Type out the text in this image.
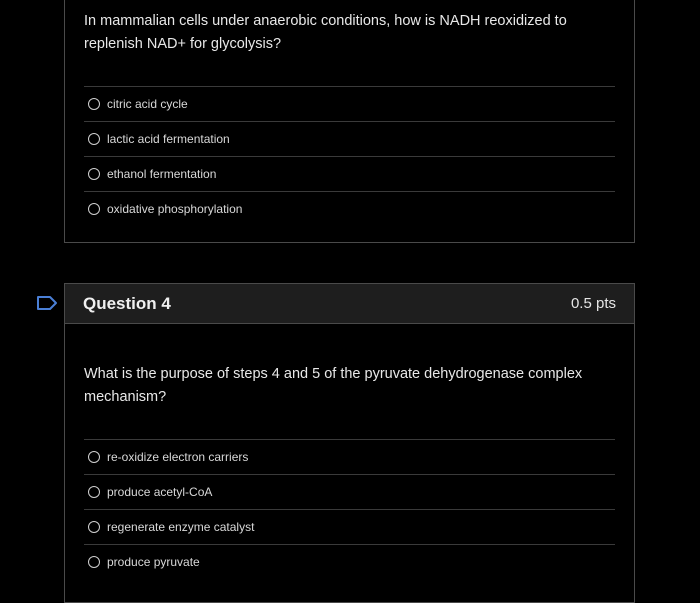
In mammalian cells under anaerobic conditions, how is NADH reoxidized to replenish NAD+ for glycolysis?
citric acid cycle
lactic acid fermentation
ethanol fermentation
oxidative phosphorylation
Question 4	0.5 pts
What is the purpose of steps 4 and 5 of the pyruvate dehydrogenase complex mechanism?
re-oxidize electron carriers
produce acetyl-CoA
regenerate enzyme catalyst
produce pyruvate
